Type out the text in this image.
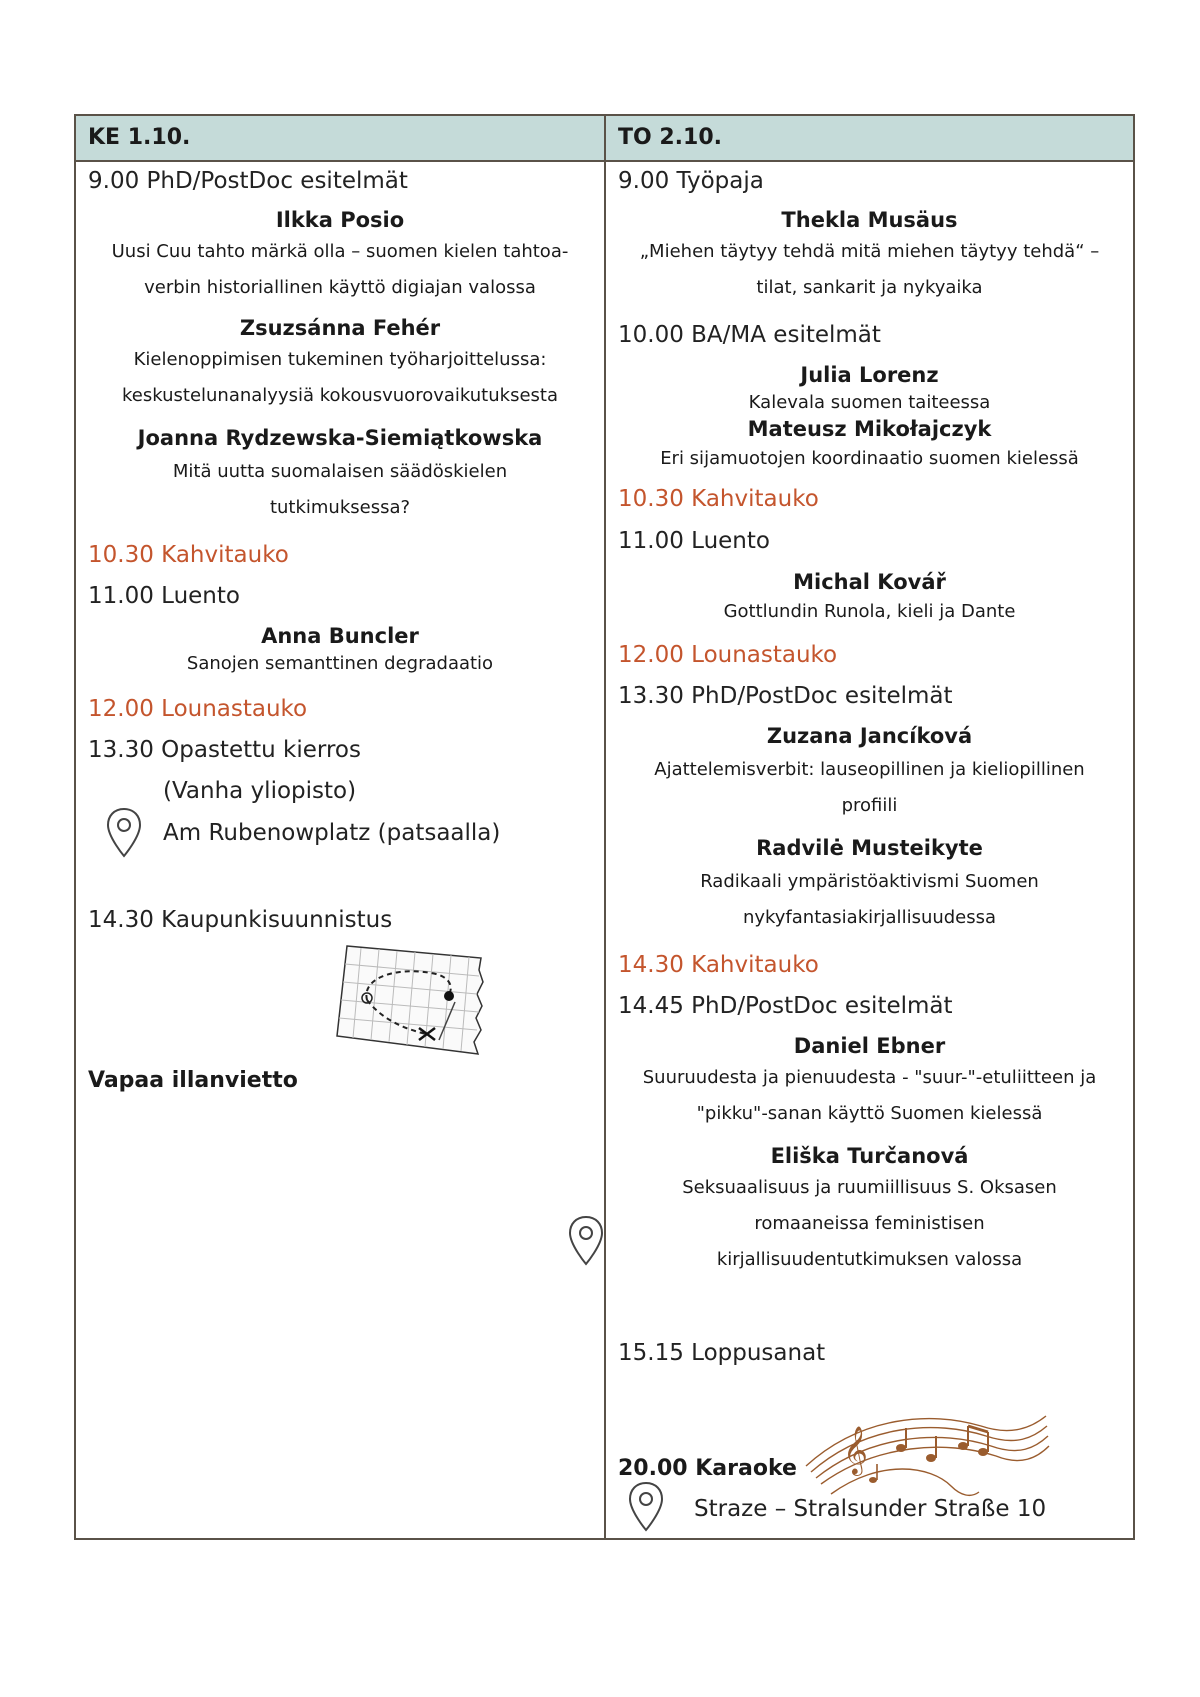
KE 1.10.
9.00 PhD/PostDoc esitelmät
Ilkka Posio
Uusi Cuu tahto märkä olla – suomen kielen tahtoa-
verbin historiallinen käyttö digiajan valossa
Zsuzsánna Fehér
Kielenoppimisen tukeminen työharjoittelussa:
keskustelunanalyysiä kokousvuorovaikutuksesta
Joanna Rydzewska-Siemiątkowska
Mitä uutta suomalaisen säädöskielen
tutkimuksessa?
10.30 Kahvitauko
11.00 Luento
Anna Buncler
Sanojen semanttinen degradaatio
12.00 Lounastauko
13.30 Opastettu kierros
(Vanha yliopisto)
Am Rubenowplatz (patsaalla)
14.30 Kaupunkisuunnistus
Vapaa illanvietto
TO 2.10.
9.00 Työpaja
Thekla Musäus
„Miehen täytyy tehdä mitä miehen täytyy tehdä“ –
tilat, sankarit ja nykyaika
10.00 BA/MA esitelmät
Julia Lorenz
Kalevala suomen taiteessa
Mateusz Mikołajczyk
Eri sijamuotojen koordinaatio suomen kielessä
10.30 Kahvitauko
11.00 Luento
Michal Kovář
Gottlundin Runola, kieli ja Dante
12.00 Lounastauko
13.30 PhD/PostDoc esitelmät
Zuzana Jancíková
Ajattelemisverbit: lauseopillinen ja kieliopillinen
profiili
Radvilė Musteikyte
Radikaali ympäristöaktivismi Suomen
nykyfantasiakirjallisuudessa
14.30 Kahvitauko
14.45 PhD/PostDoc esitelmät
Daniel Ebner
Suuruudesta ja pienuudesta - "suur-"-etuliitteen ja
"pikku"-sanan käyttö Suomen kielessä
Eliška Turčanová
Seksuaalisuus ja ruumiillisuus S. Oksasen
romaaneissa feministisen
kirjallisuudentutkimuksen valossa
15.15 Loppusanat
𝄞
20.00 Karaoke
Straze – Stralsunder Straße 10
